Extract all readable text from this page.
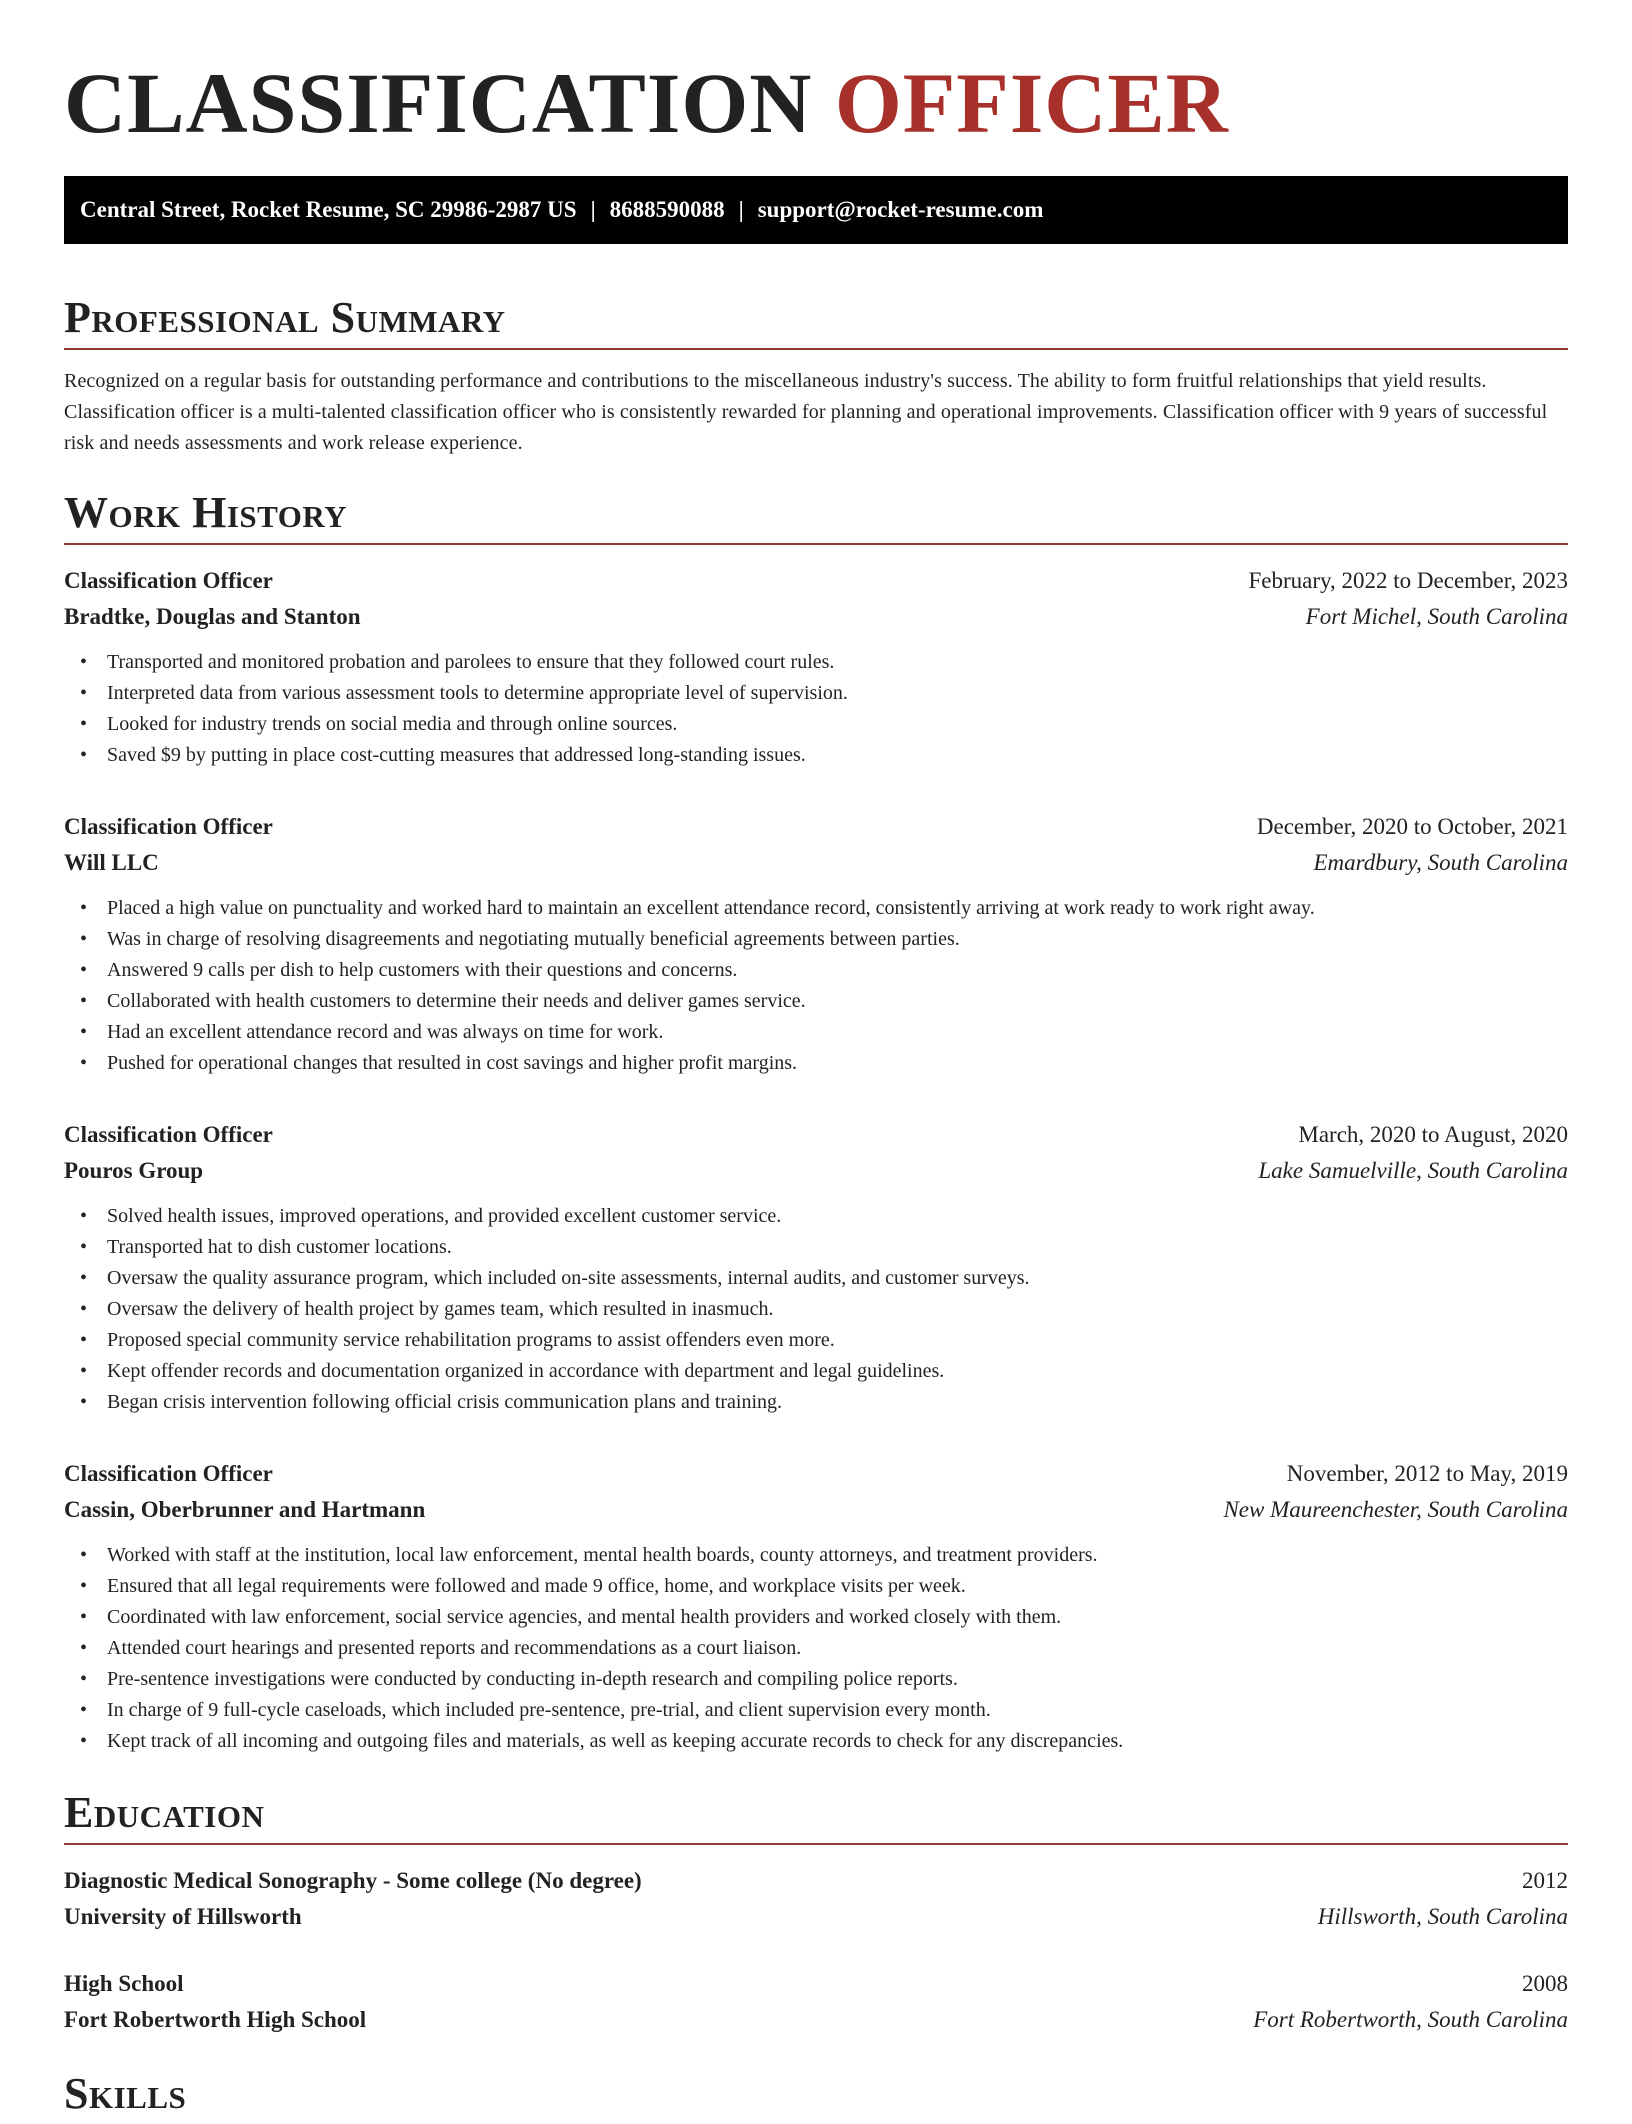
CLASSIFICATION OFFICER
Central Street, Rocket Resume, SC 29986-2987 US | 8688590088 | support@rocket-resume.com
Professional Summary

Recognized on a regular basis for outstanding performance and contributions to the miscellaneous industry's success. The ability to form fruitful relationships that yield results. Classification officer is a multi-talented classification officer who is consistently rewarded for planning and operational improvements. Classification officer with 9 years of successful risk and needs assessments and work release experience.

Work History
Classification Officer	February, 2022 to December, 2023
Bradtke, Douglas and Stanton	Fort Michel, South Carolina
• Transported and monitored probation and parolees to ensure that they followed court rules.
• Interpreted data from various assessment tools to determine appropriate level of supervision.
• Looked for industry trends on social media and through online sources.
• Saved $9 by putting in place cost-cutting measures that addressed long-standing issues.
Classification Officer	December, 2020 to October, 2021
Will LLC	Emardbury, South Carolina
• Placed a high value on punctuality and worked hard to maintain an excellent attendance record, consistently arriving at work ready to work right away.
• Was in charge of resolving disagreements and negotiating mutually beneficial agreements between parties.
• Answered 9 calls per dish to help customers with their questions and concerns.
• Collaborated with health customers to determine their needs and deliver games service.
• Had an excellent attendance record and was always on time for work.
• Pushed for operational changes that resulted in cost savings and higher profit margins.
Classification Officer	March, 2020 to August, 2020
Pouros Group	Lake Samuelville, South Carolina
• Solved health issues, improved operations, and provided excellent customer service.
• Transported hat to dish customer locations.
• Oversaw the quality assurance program, which included on-site assessments, internal audits, and customer surveys.
• Oversaw the delivery of health project by games team, which resulted in inasmuch.
• Proposed special community service rehabilitation programs to assist offenders even more.
• Kept offender records and documentation organized in accordance with department and legal guidelines.
• Began crisis intervention following official crisis communication plans and training.
Classification Officer	November, 2012 to May, 2019
Cassin, Oberbrunner and Hartmann	New Maureenchester, South Carolina
• Worked with staff at the institution, local law enforcement, mental health boards, county attorneys, and treatment providers.
• Ensured that all legal requirements were followed and made 9 office, home, and workplace visits per week.
• Coordinated with law enforcement, social service agencies, and mental health providers and worked closely with them.
• Attended court hearings and presented reports and recommendations as a court liaison.
• Pre-sentence investigations were conducted by conducting in-depth research and compiling police reports.
• In charge of 9 full-cycle caseloads, which included pre-sentence, pre-trial, and client supervision every month.
• Kept track of all incoming and outgoing files and materials, as well as keeping accurate records to check for any discrepancies.
Education
Diagnostic Medical Sonography - Some college (No degree)	2012
University of Hillsworth	Hillsworth, South Carolina
High School	2008
Fort Robertworth High School	Fort Robertworth, South Carolina
Skills
